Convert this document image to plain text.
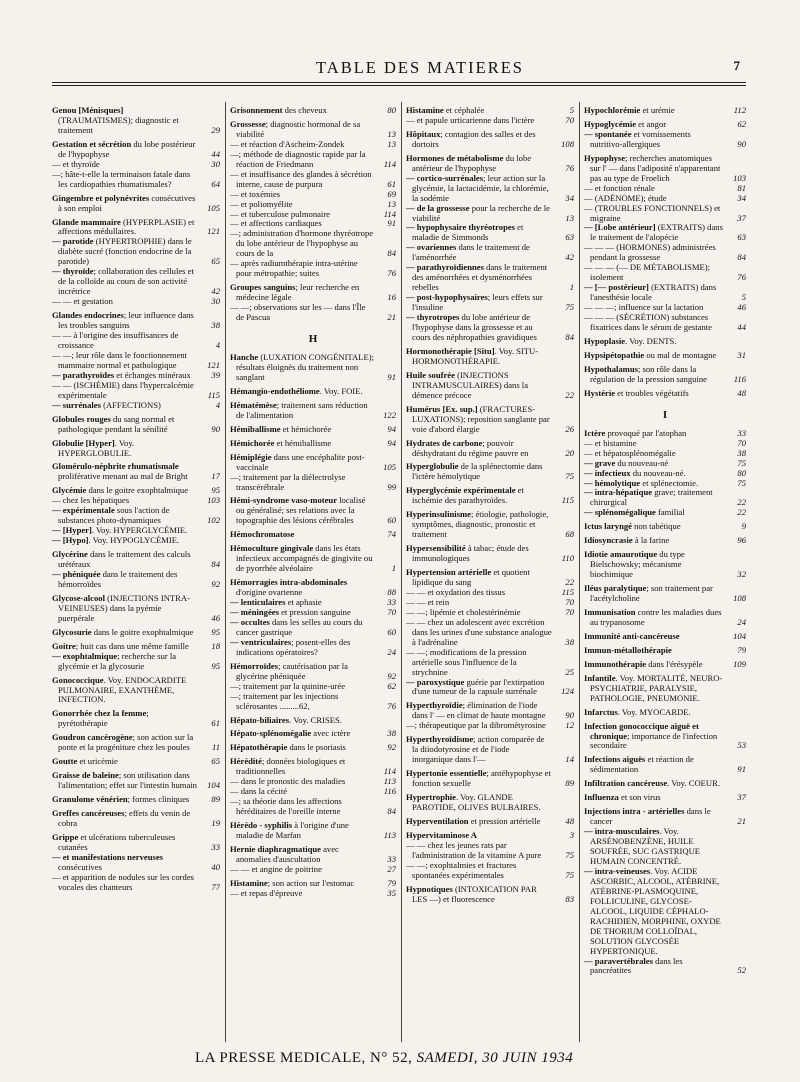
TABLE DES MATIERES	7
Genou [Ménisques] (TRAUMATISMES); diagnostic et traitement	29
Gestation et sécrétion du lobe postérieur de l'hypophyse	44
— et thyroïde	30
—; hâte-t-elle la terminaison fatale dans les cardiopathies rhumatismales?	64
Gingembre et polynévrites consécutives à son emploi	105
Glande mammaire (HYPERPLASIE) et affections médullaires.	121
— parotide (HYPERTROPHIE) dans le diabète sucré (fonction endocrine de la parotide)	65
— thyroïde; collaboration des cellules et de la colloïde au cours de son activité incrétrice	42
— — et gestation	30
Glandes endocrines; leur influence dans les troubles sanguins	38
— — à l'origine des insuffisances de croissance	4
— —; leur rôle dans le fonctionnement mammaire normal et pathologique	121
— parathyroïdes et échanges minéraux 39
— — (ISCHÉMIE) dans l'hypercalcémie expérimentale	115
— surrénales (AFFECTIONS)	4
Globules rouges du sang normal et pathologique pendant la sénilité	90
Globulie [Hyper]. Voy. HYPERGLOBULIE.
Glomérulo-néphrite rhumatismale proliférative menant au mal de Bright	17
Glycémie dans le goitre exophtalmique	95
— chez les hépatiques	103
— expérimentale sous l'action de substances photo-dynamiques	102
— [Hyper]. Voy. HYPERGLYCÉMIE.
— [Hypo]. Voy. HYPOGLYCÉMIE.
Glycérine dans le traitement des calculs urétéraux	84
— phéniquée dans le traitement des hémorroïdes	92
Glycose-alcool (INJECTIONS INTRA-VEINEUSES) dans la pyémie puerpérale	46
Glycosurie dans le goitre exophtalmique 95
Goitre; huit cas dans une même famille	18
— exophtalmique; recherche sur la glycémie et la glycosurie	95
Gonococcique. Voy. ENDOCARDITE PULMONAIRE, EXANTHÈME, INFECTION.
Gonorrhée chez la femme; pyrétothérapie	61
Goudron cancérogène; son action sur la ponte et la progéniture chez les poules	11
Goutte et uricémie	65
Graisse de baleine; son utilisation dans l'alimentation; effet sur l'intestin humain 104
Granulome vénérien; formes cliniques	89
Greffes cancéreuses; effets du venin de cobra	19
Grippe et ulcérations tuberculeuses cutanées	33
— et manifestations nerveuses consécutives	40
— et apparition de nodules sur les cordes vocales des chanteurs	77
Grisonnement des cheveux	80
Grossesse; diagnostic hormonal de sa viabilité	13
— et réaction d'Ascheim-Zondek	13
—; méthode de diagnostic rapide par la réaction de Friedmann	114
— et insuffisance des glandes à sécrétion interne, cause de purpura	61
— et toxémies	69
— et poliomyélite	13
— et tuberculose pulmonaire	114
— et affections cardiaques	91
—; administration d'hormone thyréotrope du lobe antérieur de l'hypophyse au cours de la	84
— après radiumthérapie intra-utérine pour métropathie; suites	76
Groupes sanguins; leur recherche en médecine légale	16
— —; observations sur les — dans l'Île de Pascua	21
H
Hanche (LUXATION CONGÉNITALE); résultats éloignés du traitement non sanglant	91
Hémangio-endothéliome. Voy. FOIE.
Hématémèse; traitement sans réduction de l'alimentation	122
Hémiballisme et hémichorée	94
Hémichorée et hémiballisme	94
Hémiplégie dans une encéphalite post-vaccinale	105
—; traitement par la diélectrolyse transcérébrale	99
Hémi-syndrome vaso-moteur localisé ou généralisé; ses relations avec la topographie des lésions cérébrales	60
Hémochromatose	74
Hémoculture gingivale dans les états infectieux accompagnés de gingivite ou de pyorrhée alvéolaire	1
Hémorragies intra-abdominales d'origine ovarienne	88
— lenticulaires et aphasie	33
— méningées et pression sanguine	70
— occultes dans les selles au cours du cancer gastrique	60
— ventriculaires; posent-elles des indications opératoires?	24
Hémorroïdes; cautérisation par la glycérine phéniquée	92
—; traitement par la quinine-urée	62
—; traitement par les injections sclérosantes .........62,	76
Hépato-biliaires. Voy. CRISES.
Hépato-splénomégalie avec ictère	38
Hépatothérapie dans le psoriasis	92
Hérédité; données biologiques et traditionnelles	114
— dans le pronostic des maladies	113
— dans la cécité	116
—; sa théorie dans les affections héréditaires de l'oreille interne	84
Hérédo - syphilis à l'origine d'une maladie de Marfan	113
Hernie diaphragmatique avec anomalies d'auscultation	33
— — et angine de poitrine	27
Histamine; son action sur l'estomac	79
— et repas d'épreuve	35
Histamine et céphalée	5
— et papule urticarienne dans l'ictère	70
Hôpitaux; contagion des salles et des dortoirs	108
Hormones de métabolisme du lobe antérieur de l'hypophyse	76
— cortico-surrénales; leur action sur la glycémie, la lactacidémie, la chlorémie, la sodémie	34
— de la grossesse pour la recherche de le viabilité	13
— hypophysaire thyréotropes et maladie de Simmonds	63
— ovariennes dans le traitement de l'aménorrhée	42
— parathyroïdiennes dans le traitement des aménorrhées et dysménorrhées rebelles	1
— post-hypophysaires; leurs effets sur l'insuline	75
— thyrotropes du lobe antérieur de l'hypophyse dans la grossesse et au cours des néphropathies gravidiques	84
Hormonothérapie [Situ]. Voy. SITU-HORMONOTHÉRAPIE.
Huile soufrée (INJECTIONS INTRAMUSCULAIRES) dans la démence précoce	22
Humérus [Ex. sup.] (FRACTURES-LUXATIONS); reposition sanglante par voie d'abord élargie	26
Hydrates de carbone; pouvoir déshydratant du régime pauvre en	20
Hyperglobulie de la splénectomie dans l'ictère hémolytique	75
Hyperglycémie expérimentale et ischémie des parathyroïdes.	115
Hyperinsulinisme; étiologie, pathologie, symptômes, diagnostic, pronostic et traitement	68
Hypersensibilité à tabac; étude des immunologiques	110
Hypertension artérielle et quotient lipidique du sang	22
— — et oxydation des tissus	115
— — et rein	70
— —; lipémie et cholestérinémie	70
— — chez un adolescent avec excrétion dans les urines d'une substance analogue à l'adrénaline	38
— —; modifications de la pression artérielle sous l'influence de la strychnine	25
— paroxystique guérie par l'extirpation d'une tumeur de la capsule surrénale	124
Hyperthyroïdie; élimination de l'iode dans l' — en climat de haute montagne 90
—; thérapeutique par la dibrométyrosine 12
Hyperthyroïdisme; action comparée de la diiodotyrosine et de l'iode inorganique dans l'—	14
Hypertonie essentielle; antéhypophyse et fonction sexuelle	89
Hypertrophie. Voy. GLANDE PAROTIDE, OLIVES BULBAIRES.
Hyperventilation et pression artérielle	48
Hypervitaminose A	3
— — chez les jeunes rats par l'administration de la vitamine A pure	75
— —; exophtalmies et fractures spontanées expérimentales	75
Hypnotiques (INTOXICATION PAR LES —) et fluorescence	83
Hypochlorémie et urémie	112
Hypoglycémie et angor	62
— spontanée et vomissements nutritivo-allergiques	90
Hypophyse; recherches anatomiques sur l' — dans l'adiposité n'apparentant pas au type de Froelich	103
— et fonction rénale	81
— (ADÉNOME); étude	34
— (TROUBLES FONCTIONNELS) et migraine	37
— [Lobe antérieur] (EXTRAITS) dans le traitement de l'alopécie	63
— — — (HORMONES) administrées pendant la grossesse	84
— — — (— DE MÉTABOLISME); isolement	76
— [— postérieur] (EXTRAITS) dans l'anesthésie locale	5
— — —; influence sur la lactation	46
— — — (SÉCRÉTION) substances fixatrices dans le sérum de gestante	44
Hypoplasie. Voy. DENTS.
Hypsipétopathie ou mal de montagne 31
Hypothalamus; son rôle dans la régulation de la pression sanguine	116
Hystérie et troubles végétatifs	48
I
Ictère provoqué par l'atophan	33
— et histamine	70
— et hépatosplénomégalie	38
— grave du nouveau-né	75
— infectieux du nouveau-né.	80
— hémolytique et splénectomie.	75
— intra-hépatique grave; traitement chirurgical	22
— splénomégalique familial	22
Ictus laryngé non tabétique	9
Idiosyncrasie à la farine	96
Idiotie amaurotique du type Bielschowsky; mécanisme biochimique	32
Iléus paralytique; son traitement par l'acétylcholine	108
Immunisation contre les maladies dues au trypanosome	24
Immunité anti-cancéreuse	104
Immun-métallothérapie	79
Immunothérapie dans l'érésypèle	109
Infantile. Voy. MORTALITÉ, NEURO-PSYCHIATRIE, PARALYSIE, PATHOLOGIE, PNEUMONIE.
Infarctus. Voy. MYOCARDE.
Infection gonococcique aiguë et chronique; importance de l'infection secondaire	53
Infections aiguës et réaction de sédimentation	91
Infiltration cancéreuse. Voy. COEUR.
Influenza et son virus	37
Injections intra - artérielles dans le cancer	21
— intra-musculaires. Voy. ARSÉNOBENZÈNE, HUILE SOUFRÉE, SUC GASTRIQUE HUMAIN CONCENTRÉ.
— intra-veineuses. Voy. ACIDE ASCORBIC, ALCOOL, ATÉBRINE, ATÉBRINE-PLASMOQUINE, FOLLICULINE, GLYCOSE-ALCOOL, LIQUIDE CÉPHALO-RACHIDIEN, MORPHINE, OXYDE DE THORIUM COLLOÏDAL, SOLUTION GLYCOSÉE HYPERTONIQUE.
— paravertébrales dans les pancréatites	52
LA PRESSE MEDICALE, N° 52, SAMEDI, 30 JUIN 1934
